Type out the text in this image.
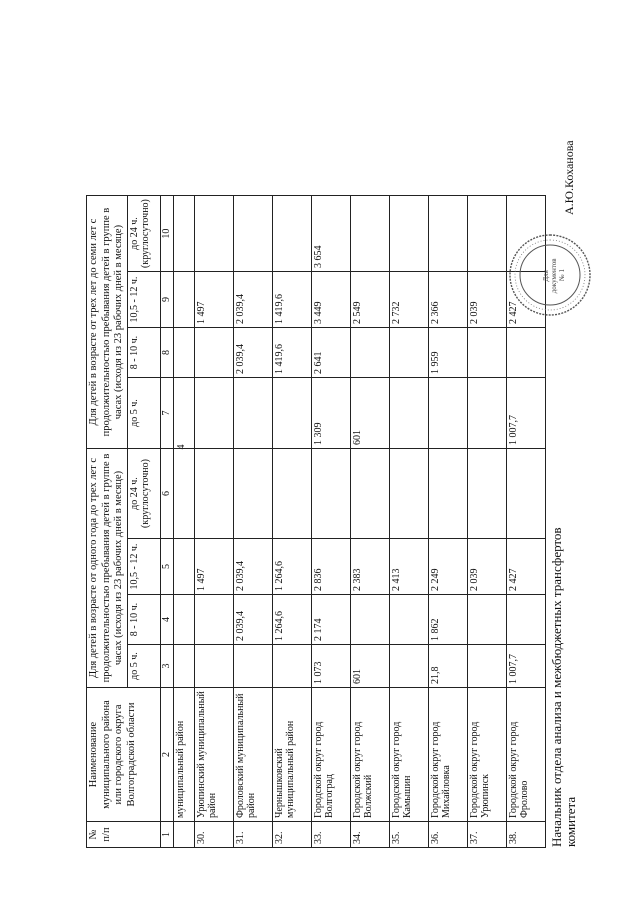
4
№ п/п	Наименование муниципального района или городского округа Волгоградской области	Для детей в возрасте от одного года до трех лет с продолжительностью пребывания детей в группе в часах (исходя из 23 рабочих дней в месяце)				Для детей в возрасте от трех лет до семи лет с продолжительностью пребывания детей в группе в часах (исходя из 23 рабочих дней в месяце)			
		до 5 ч.	8 - 10 ч.	10,5 - 12 ч.	до 24 ч. (круглосуточно)	до 5 ч.	8 - 10 ч.	10,5 - 12 ч.	до 24 ч. (круглосуточно)
1	2	3	4	5	6	7	8	9	10
	муниципальный район								
30.	Урюпинский муниципальный район			1 497				1 497	
31.	Фроловский муниципальный район		2 039,4	2 039,4			2 039,4	2 039,4	
32.	Чернышковский муниципальный район		1 264,6	1 264,6			1 419,6	1 419,6	
33.	Городской округ город Волгоград	1 073	2 174	2 836		1 309	2 641	3 449	3 654
34.	Городской округ город Волжский	601		2 383		601		2 549	
35.	Городской округ город Камышин			2 413				2 732	
36.	Городской округ город Михайловка	21,8	1 862	2 249			1 959	2 366	
37.	Городской округ город Урюпинск			2 039				2 039	
38.	Городской округ город Фролово	1 007,7		2 427		1 007,7		2 427	
Начальник отдела анализа и межбюджетных трансфертов комитета
Для документов № 1
А.Ю.Коханова
